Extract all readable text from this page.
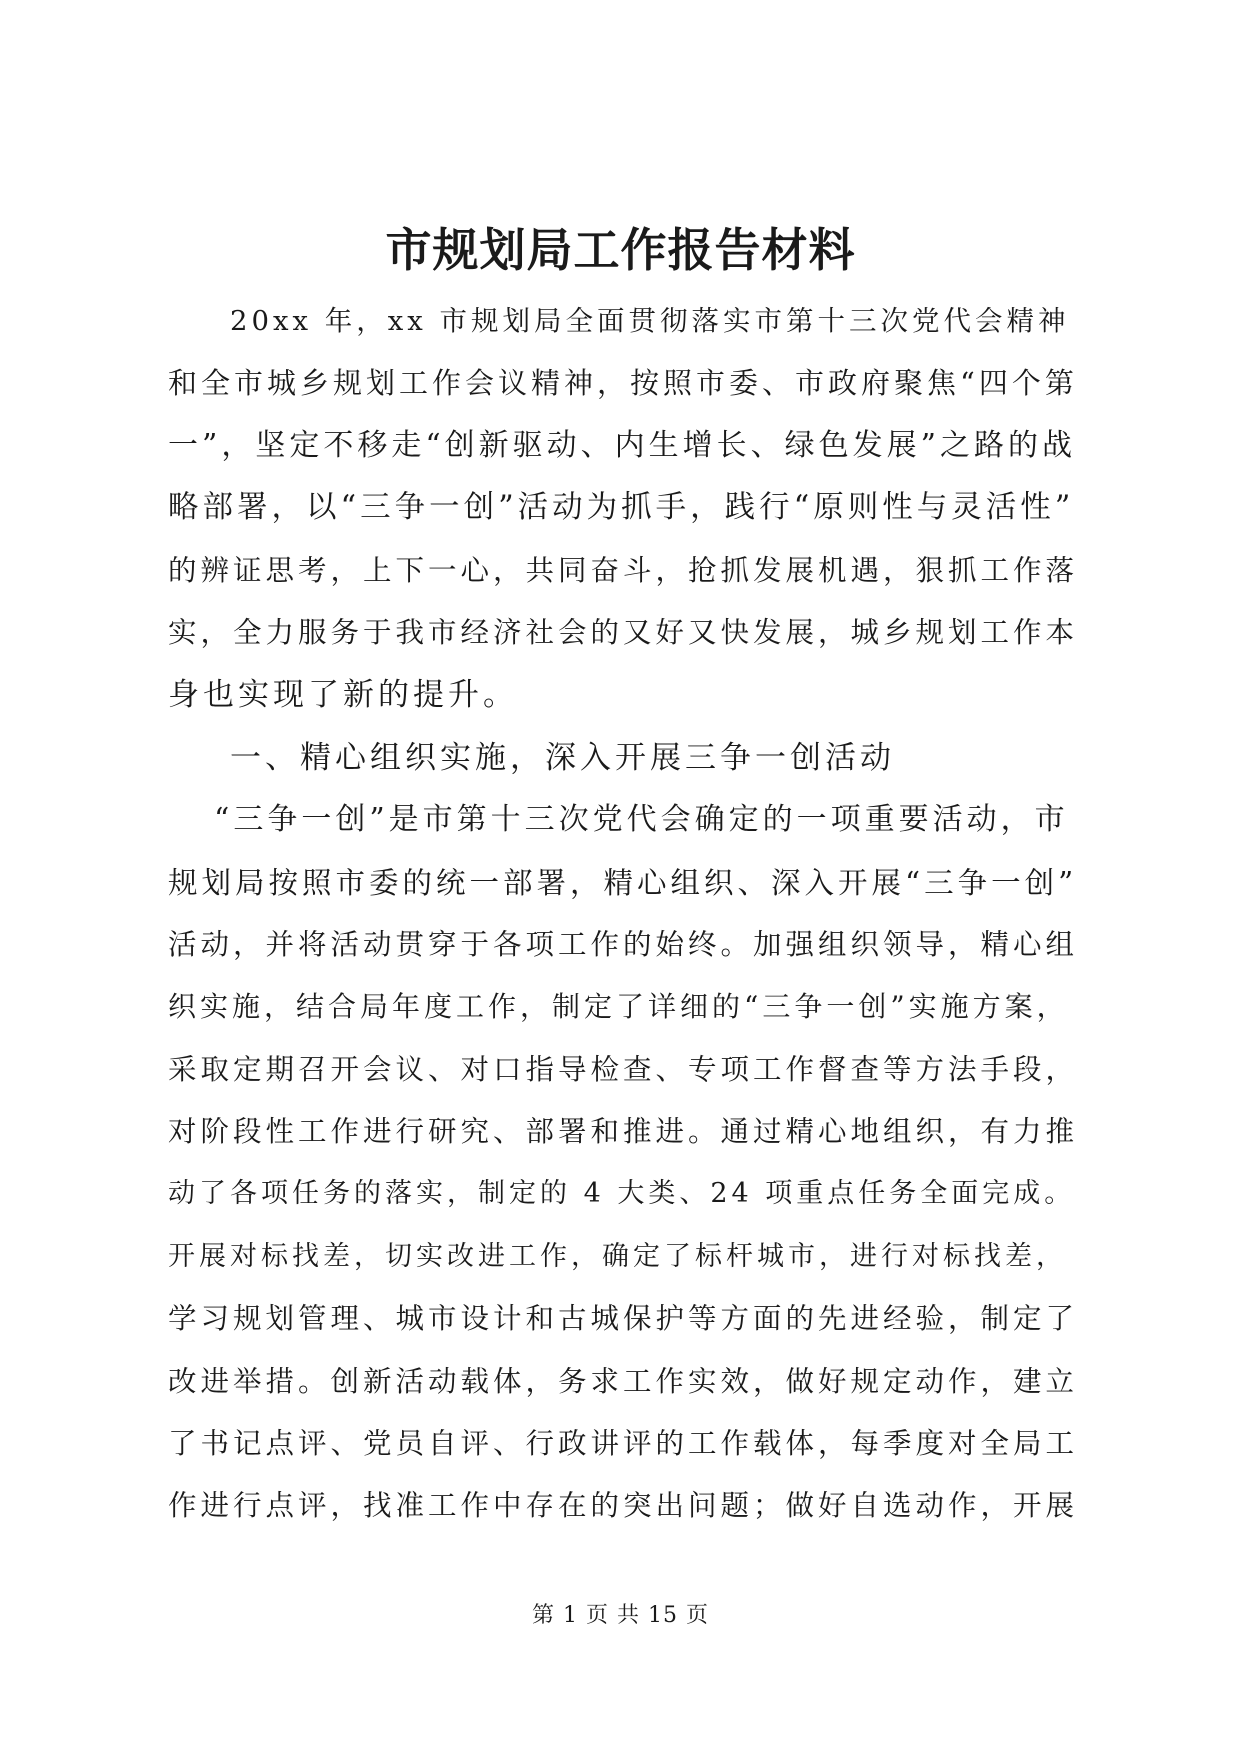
市规划局工作报告材料
20xx 年，xx 市规划局全面贯彻落实市第十三次党代会精神
和全市城乡规划工作会议精神，按照市委、市政府聚焦“四个第
一”，坚定不移走“创新驱动、内生增长、绿色发展”之路的战
略部署，以“三争一创”活动为抓手，践行“原则性与灵活性”
的辨证思考，上下一心，共同奋斗，抢抓发展机遇，狠抓工作落
实，全力服务于我市经济社会的又好又快发展，城乡规划工作本
身也实现了新的提升。
一、精心组织实施，深入开展三争一创活动
“三争一创”是市第十三次党代会确定的一项重要活动，市
规划局按照市委的统一部署，精心组织、深入开展“三争一创”
活动，并将活动贯穿于各项工作的始终。加强组织领导，精心组
织实施，结合局年度工作，制定了详细的“三争一创”实施方案，
采取定期召开会议、对口指导检查、专项工作督查等方法手段，
对阶段性工作进行研究、部署和推进。通过精心地组织，有力推
动了各项任务的落实，制定的 4 大类、24 项重点任务全面完成。
开展对标找差，切实改进工作，确定了标杆城市，进行对标找差，
学习规划管理、城市设计和古城保护等方面的先进经验，制定了
改进举措。创新活动载体，务求工作实效，做好规定动作，建立
了书记点评、党员自评、行政讲评的工作载体，每季度对全局工
作进行点评，找准工作中存在的突出问题；做好自选动作，开展
第 1 页 共 15 页
